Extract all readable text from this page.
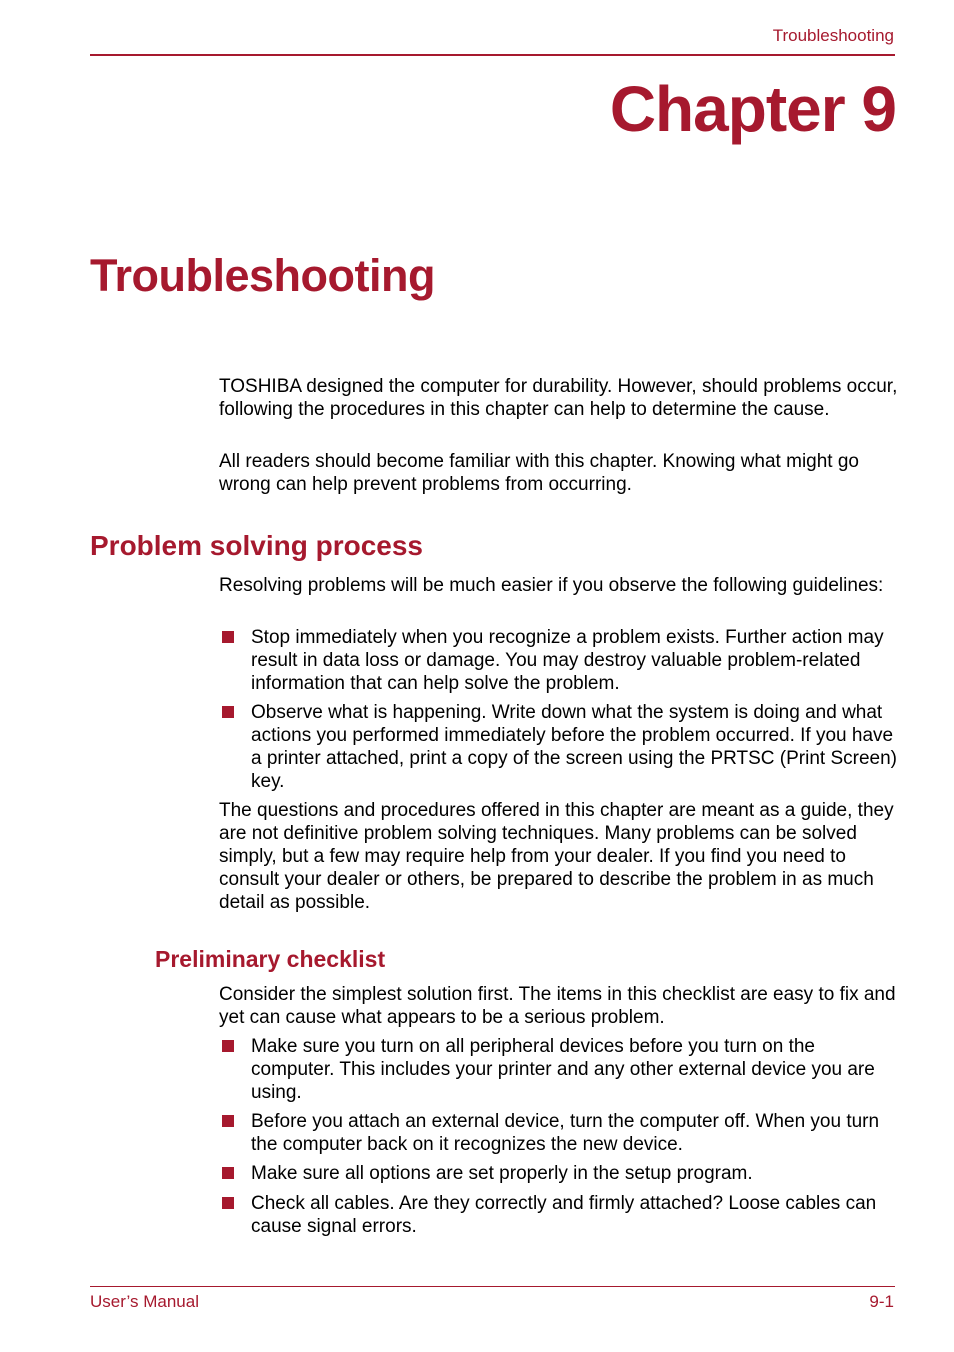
Troubleshooting
Chapter 9
Troubleshooting

TOSHIBA designed the computer for durability. However, should problems occur, following the procedures in this chapter can help to determine the cause.

All readers should become familiar with this chapter. Knowing what might go wrong can help prevent problems from occurring.

Problem solving process

Resolving problems will be much easier if you observe the following guidelines:

Stop immediately when you recognize a problem exists. Further action may result in data loss or damage. You may destroy valuable problem-related information that can help solve the problem.
Observe what is happening. Write down what the system is doing and what actions you performed immediately before the problem occurred. If you have a printer attached, print a copy of the screen using the PRTSC (Print Screen) key.

The questions and procedures offered in this chapter are meant as a guide, they are not definitive problem solving techniques. Many problems can be solved simply, but a few may require help from your dealer. If you find you need to consult your dealer or others, be prepared to describe the problem in as much detail as possible.

Preliminary checklist

Consider the simplest solution first. The items in this checklist are easy to fix and yet can cause what appears to be a serious problem.

Make sure you turn on all peripheral devices before you turn on the computer. This includes your printer and any other external device you are using.
Before you attach an external device, turn the computer off. When you turn the computer back on it recognizes the new device.
Make sure all options are set properly in the setup program.
Check all cables. Are they correctly and firmly attached? Loose cables can cause signal errors.
User’s Manual	9-1
